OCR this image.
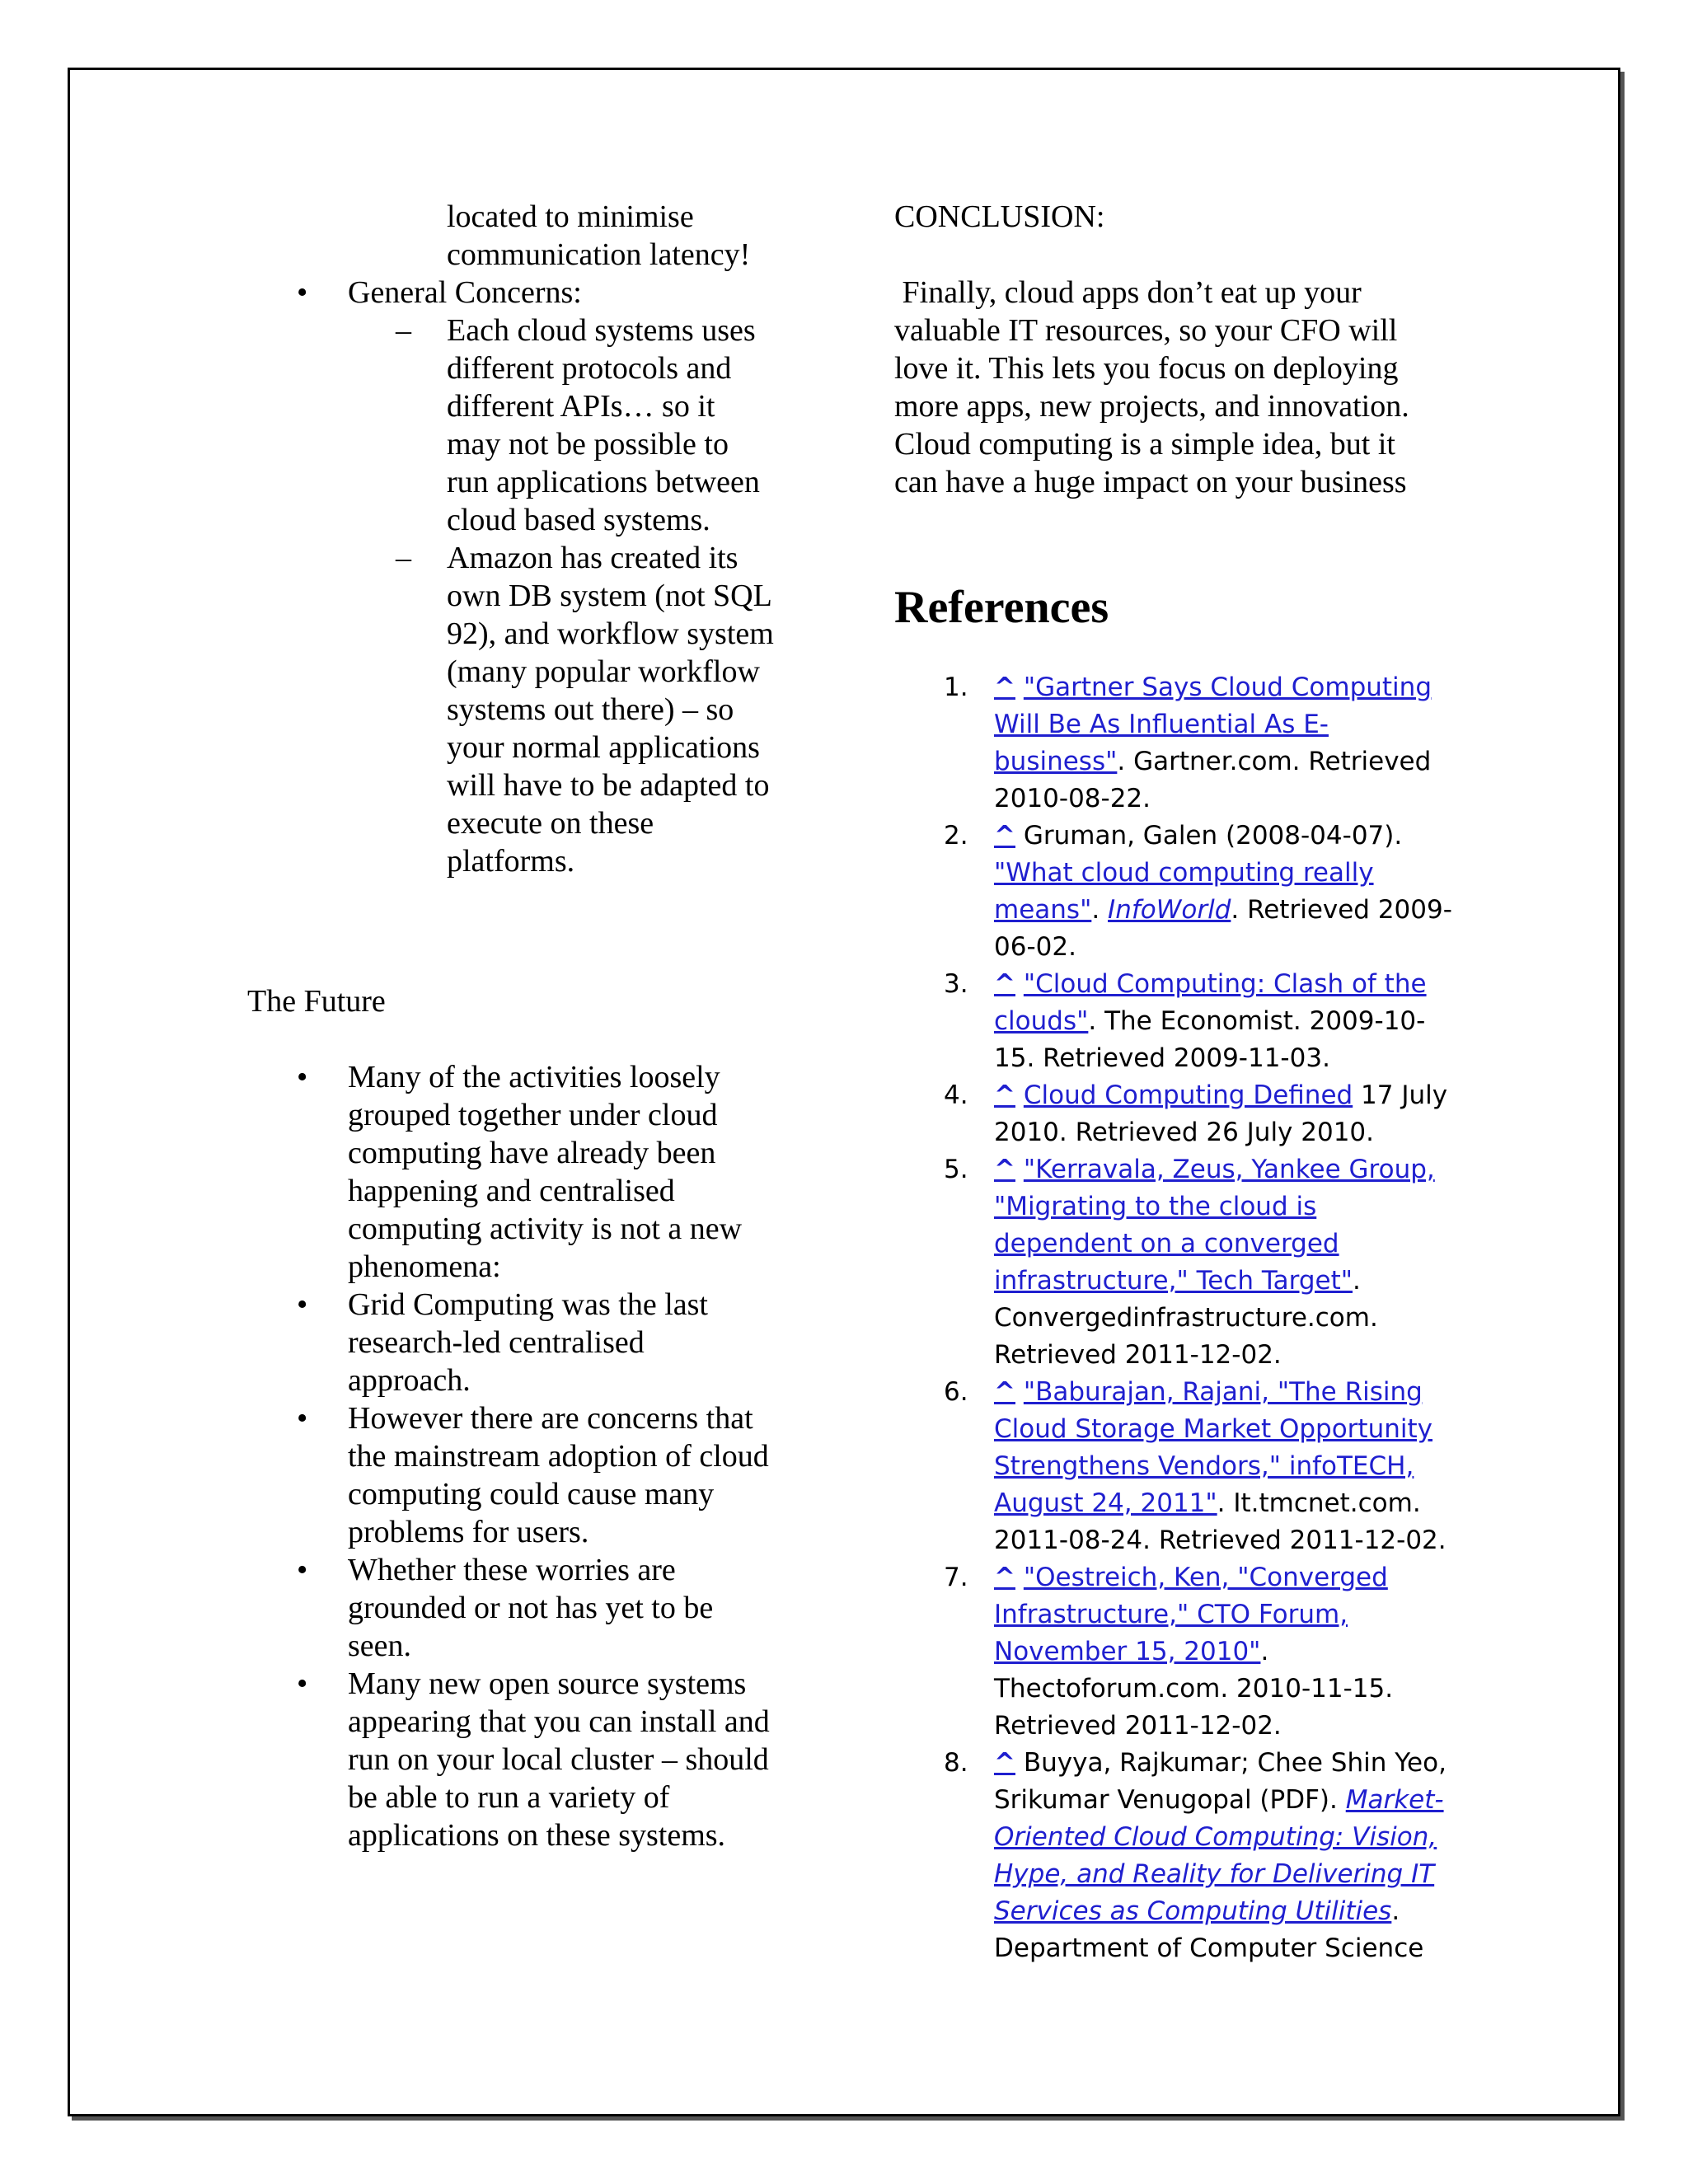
located to minimise
communication latency!
• General Concerns:
– Each cloud systems uses
different protocols and
different APIs… so it
may not be possible to
run applications between
cloud based systems.
– Amazon has created its
own DB system (not SQL
92), and workflow system
(many popular workflow
systems out there) – so
your normal applications
will have to be adapted to
execute on these
platforms.
The Future
• Many of the activities loosely
grouped together under cloud
computing have already been
happening and centralised
computing activity is not a new
phenomena:
• Grid Computing was the last
research-led centralised
approach.
• However there are concerns that
the mainstream adoption of cloud
computing could cause many
problems for users.
• Whether these worries are
grounded or not has yet to be
seen.
• Many new open source systems
appearing that you can install and
run on your local cluster – should
be able to run a variety of
applications on these systems.
CONCLUSION:
Finally, cloud apps don’t eat up your
valuable IT resources, so your CFO will
love it. This lets you focus on deploying
more apps, new projects, and innovation.
Cloud computing is a simple idea, but it
can have a huge impact on your business
References
1. ^ "Gartner Says Cloud Computing
Will Be As Influential As E-
business". Gartner.com. Retrieved
2010-08-22.
2. ^ Gruman, Galen (2008-04-07).
"What cloud computing really
means". InfoWorld. Retrieved 2009-
06-02.
3. ^ "Cloud Computing: Clash of the
clouds". The Economist. 2009-10-
15. Retrieved 2009-11-03.
4. ^ Cloud Computing Defined 17 July
2010. Retrieved 26 July 2010.
5. ^ "Kerravala, Zeus, Yankee Group,
"Migrating to the cloud is
dependent on a converged
infrastructure," Tech Target".
Convergedinfrastructure.com.
Retrieved 2011-12-02.
6. ^ "Baburajan, Rajani, "The Rising
Cloud Storage Market Opportunity
Strengthens Vendors," infoTECH,
August 24, 2011". It.tmcnet.com.
2011-08-24. Retrieved 2011-12-02.
7. ^ "Oestreich, Ken, "Converged
Infrastructure," CTO Forum,
November 15, 2010".
Thectoforum.com. 2010-11-15.
Retrieved 2011-12-02.
8. ^ Buyya, Rajkumar; Chee Shin Yeo,
Srikumar Venugopal (PDF). Market-
Oriented Cloud Computing: Vision,
Hype, and Reality for Delivering IT
Services as Computing Utilities.
Department of Computer Science
